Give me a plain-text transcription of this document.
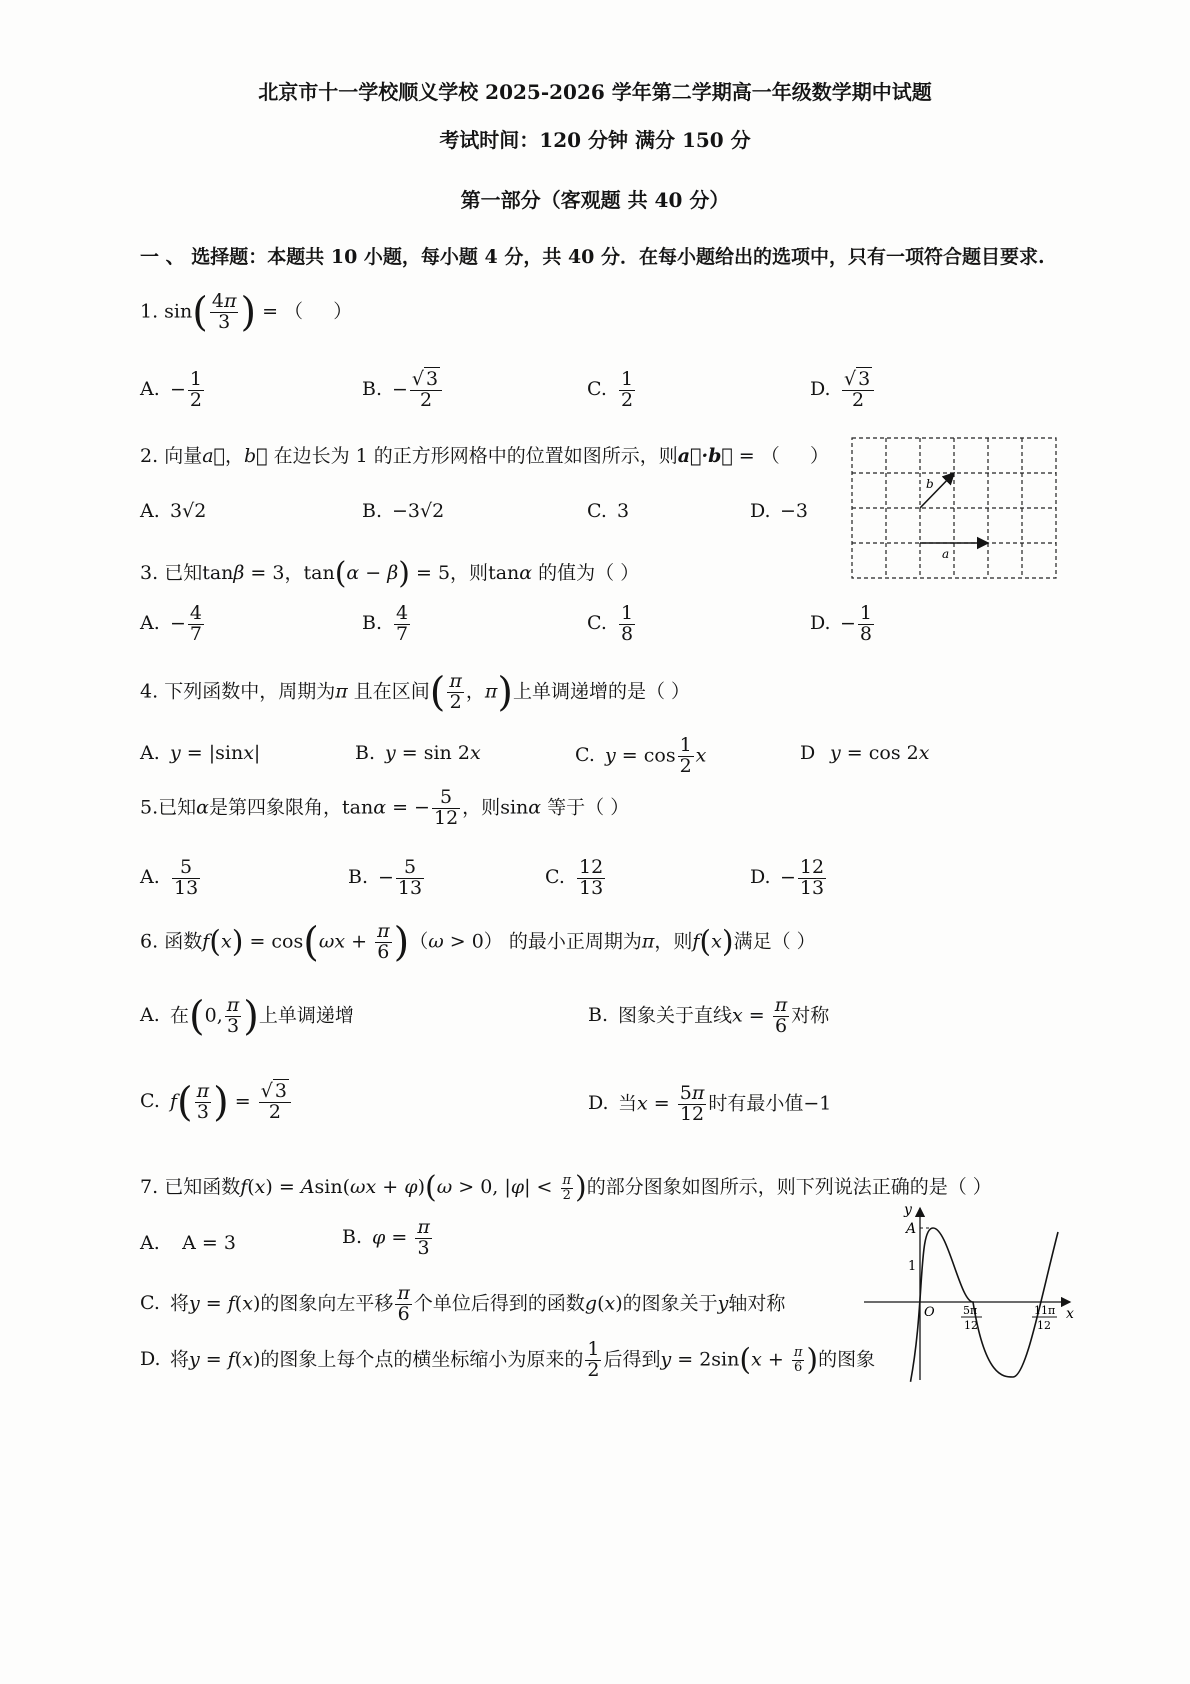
北京市十一学校顺义学校 2025-2026 学年第二学期高一年级数学期中试题
考试时间：120 分钟 满分 150 分
第一部分（客观题 共 40 分）
一 、 选择题：本题共 10 小题，每小题 4 分，共 40 分．在每小题给出的选项中，只有一项符合题目要求.
1. $\sin( \frac{4\pi}{3}$ ) = （     ）
A. − $\frac{1}{2}$	B. − $\frac{√ 3}{2}$	C. $\frac{1}{2}$	D. $\frac{√ 3}{2}$
2. 向量a⃗，b⃗ 在边长为 1 的正方形网格中的位置如图所示，则a⃗·b⃗ = （     ）
A. 3√2	B. −3√2	C. 3	D. −3
a
b
3. 已知tanβ = 3，tan(α − β) = 5，则tanα 的值为（ ）
A. − $\frac{4}{7}$	B. $\frac{4}{7}$	C. $\frac{1}{8}$	D. − $\frac{1}{8}$
4. 下列函数中，周期为π 且在区间( $\frac{\pi}{2}$ ，π)上单调递增的是（ ）
A. y = |sinx|	B. y = sin 2x	C. $y = \cos \frac{1}{2}$ x	D y = cos 2x
5.已知α是第四象限角，tanα = − $\frac{5}{12}$ ，则sinα 等于（ ）
A. $\frac{5}{13}$	B. − $\frac{5}{13}$	C. $\frac{12}{13}$	D. − $\frac{12}{13}$
6. 函数$f(x) = \cos(\omega x + \frac{\pi}{6} )(\omega > 0)$ 的最小正周期为π，则f(x)满足（ ）
A. 在(0, $\frac{\pi}{3}$ )上单调递增	B. 图象关于直线$x = \frac{\pi}{6}$ 对称
C. $f( \frac{\pi}{3}$ ) = $\frac{√ 3}{2}$	D. 当$x = \frac{5\pi}{12}$ 时有最小值−1
7. 已知函数f(x) = Asin(ωx + φ)(ω > 0, $|\varphi| < \frac{\pi}{2}$ )的部分图象如图所示，则下列说法正确的是（ ）
A. A = 3	B. $\varphi = \frac{\pi}{3}$
C. 将y = f(x)的图象向左平移 $\frac{\pi}{6}$ 个单位后得到的函数g(x)的图象关于y轴对称
D. 将y = f(x)的图象上每个点的横坐标缩小为原来的 $\frac{1}{2}$ 后得到$y = 2\sin(x + \frac{\pi}{6}$ )的图象
y
x
A
1
O	5π
12
11π
12
